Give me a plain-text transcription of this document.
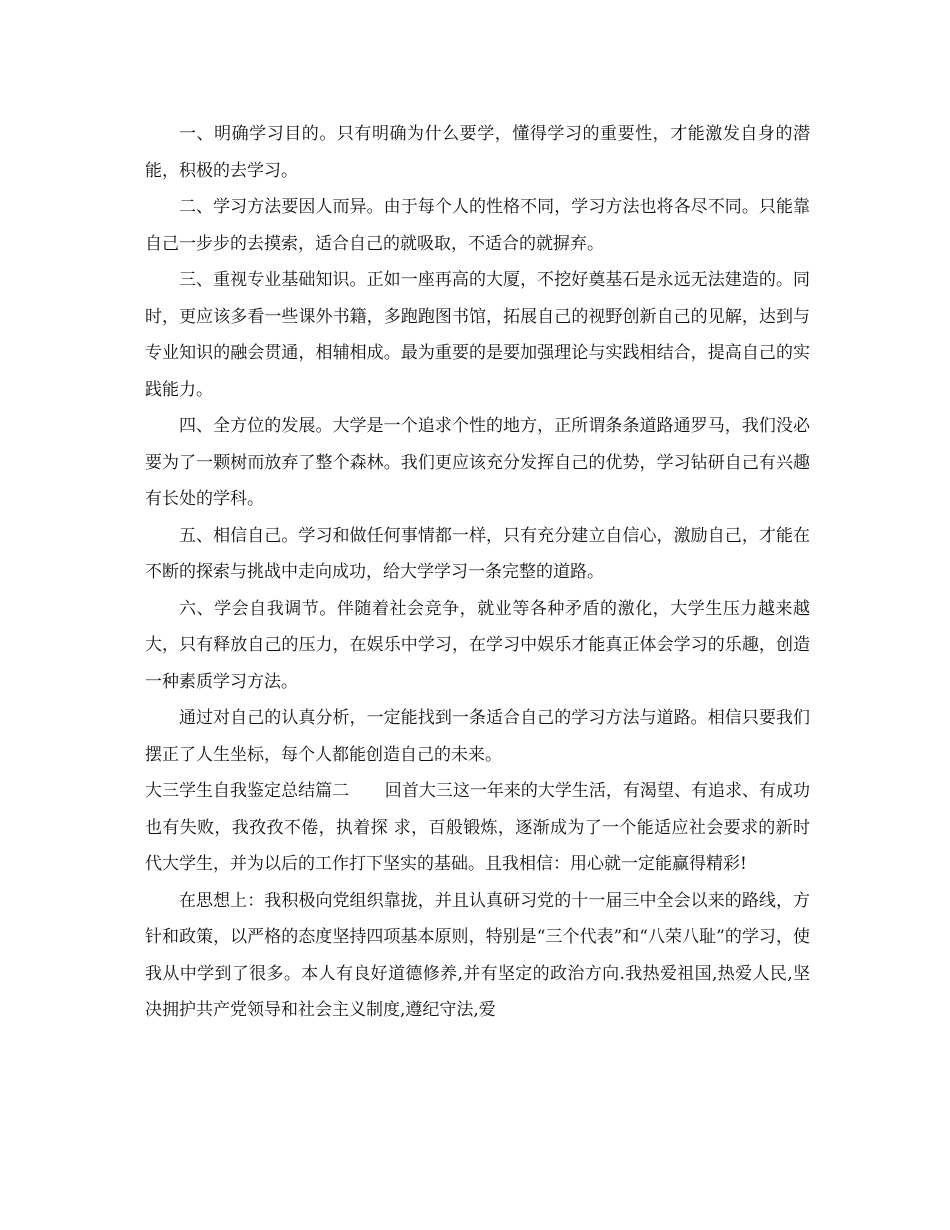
一、明确学习目的。只有明确为什么要学，懂得学习的重要性，才能激发自身的潜能，积极的去学习。

二、学习方法要因人而异。由于每个人的性格不同，学习方法也将各尽不同。只能靠自己一步步的去摸索，适合自己的就吸取，不适合的就摒弃。

三、重视专业基础知识。正如一座再高的大厦，不挖好奠基石是永远无法建造的。同时，更应该多看一些课外书籍，多跑跑图书馆，拓展自己的视野创新自己的见解，达到与专业知识的融会贯通，相辅相成。最为重要的是要加强理论与实践相结合，提高自己的实践能力。

四、全方位的发展。大学是一个追求个性的地方，正所谓条条道路通罗马，我们没必要为了一颗树而放弃了整个森林。我们更应该充分发挥自己的优势，学习钻研自己有兴趣有长处的学科。

五、相信自己。学习和做任何事情都一样，只有充分建立自信心，激励自己，才能在不断的探索与挑战中走向成功，给大学学习一条完整的道路。

六、学会自我调节。伴随着社会竞争，就业等各种矛盾的激化，大学生压力越来越大，只有释放自己的压力，在娱乐中学习，在学习中娱乐才能真正体会学习的乐趣，创造一种素质学习方法。

通过对自己的认真分析，一定能找到一条适合自己的学习方法与道路。相信只要我们摆正了人生坐标，每个人都能创造自己的未来。

大三学生自我鉴定总结篇二 回首大三这一年来的大学生活，有渴望、有追求、有成功也有失败，我孜孜不倦，执着探 求，百般锻炼，逐渐成为了一个能适应社会要求的新时代大学生，并为以后的工作打下坚实的基础。且我相信：用心就一定能赢得精彩!

在思想上：我积极向党组织靠拢，并且认真研习党的十一届三中全会以来的路线，方针和政策，以严格的态度坚持四项基本原则，特别是“三个代表”和“八荣八耻”的学习，使我从中学到了很多。本人有良好道德修养,并有坚定的政治方向.我热爱祖国,热爱人民,坚决拥护共产党领导和社会主义制度,遵纪守法,爱
